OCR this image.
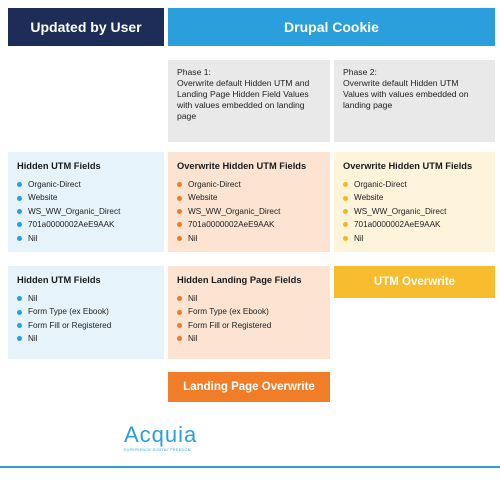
Updated by User	Drupal Cookie
Phase 1:
Overwrite default Hidden UTM and Landing Page Hidden Field Values with values embedded on landing page
Phase 2:
Overwrite default Hidden UTM Values with values embedded on landing page
Hidden UTM Fields
Organic-Direct
Website
WS_WW_Organic_Direct
701a0000002AeE9AAK
Nil
Overwrite Hidden UTM Fields
Organic-Direct
Website
WS_WW_Organic_Direct
701a0000002AeE9AAK
Nil
Overwrite Hidden UTM Fields
Organic-Direct
Website
WS_WW_Organic_Direct
701a0000002AeE9AAK
Nil
Hidden UTM Fields
Nil
Form Type (ex Ebook)
Form Fill or Registered
Nil
Hidden Landing Page Fields
Nil
Form Type (ex Ebook)
Form Fill or Registered
Nil
UTM Overwrite
Landing Page Overwrite
Acquia
EXPERIENCE DIGITAL FREEDOM
